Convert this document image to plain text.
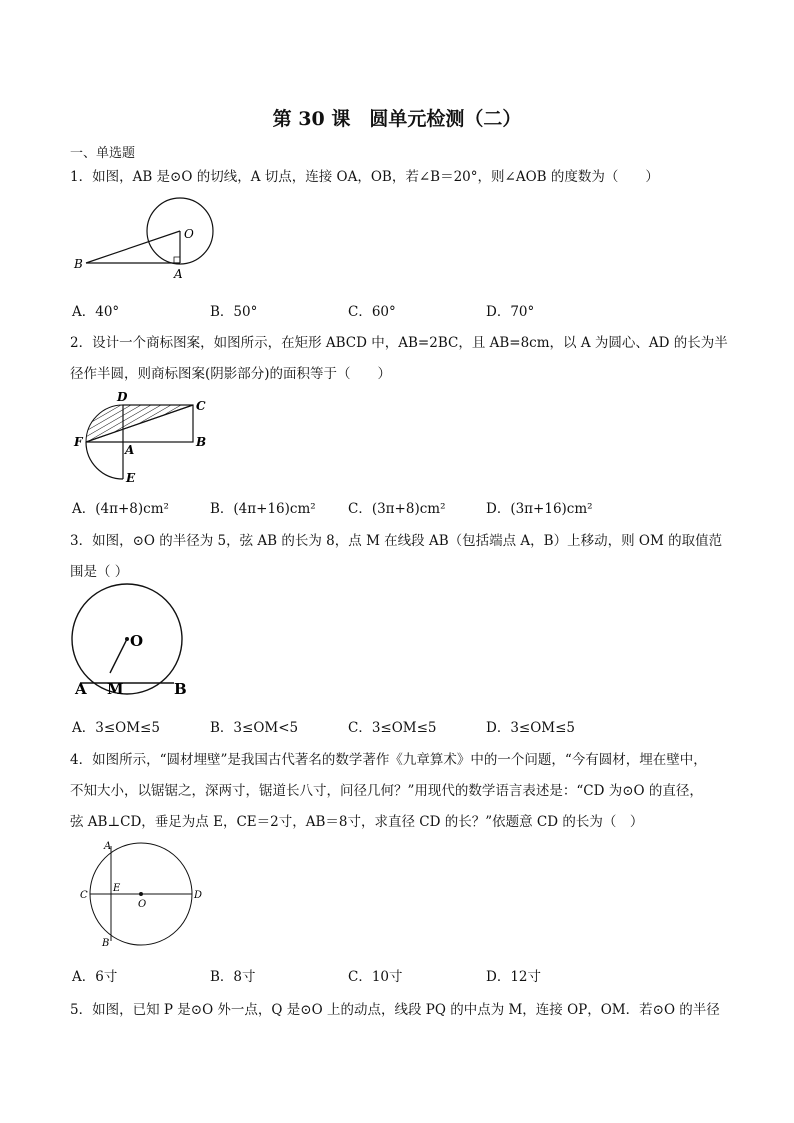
第 30 课　圆单元检测（二）
一、单选题
1．如图，AB 是⊙O 的切线，A 切点，连接 OA，OB，若∠B＝20°，则∠AOB 的度数为（　　）
O
A
B
A．40°	B．50°	C．60°	D．70°
2．设计一个商标图案，如图所示，在矩形 ABCD 中，AB=2BC，且 AB=8cm，以 A 为圆心、AD 的长为半
径作半圆，则商标图案(阴影部分)的面积等于（　　）
D
C
F
A
B
E
A．(4π+8)cm²	B．(4π+16)cm² C．(3π+8)cm²	D．(3π+16)cm²
3．如图，⊙O 的半径为 5，弦 AB 的长为 8，点 M 在线段 AB（包括端点 A，B）上移动，则 OM 的取值范
围是（ ）
O
A M	B
A．3≤OM≤5	B．3≤OM<5	C．3≤OM≤5	D．3≤OM≤5
4．如图所示，“圆材埋壁”是我国古代著名的数学著作《九章算术》中的一个问题，“今有圆材，埋在壁中，
不知大小，以锯锯之，深两寸，锯道长八寸，问径几何？”用现代的数学语言表述是：“CD 为⊙O 的直径，
弦 AB⊥CD，垂足为点 E，CE＝2寸，AB＝8寸，求直径 CD 的长？”依题意 CD 的长为（　）
A
C
E
O
D
B
A．6寸	B．8寸	C．10寸	D．12寸
5．如图，已知 P 是⊙O 外一点，Q 是⊙O 上的动点，线段 PQ 的中点为 M，连接 OP，OM．若⊙O 的半径
